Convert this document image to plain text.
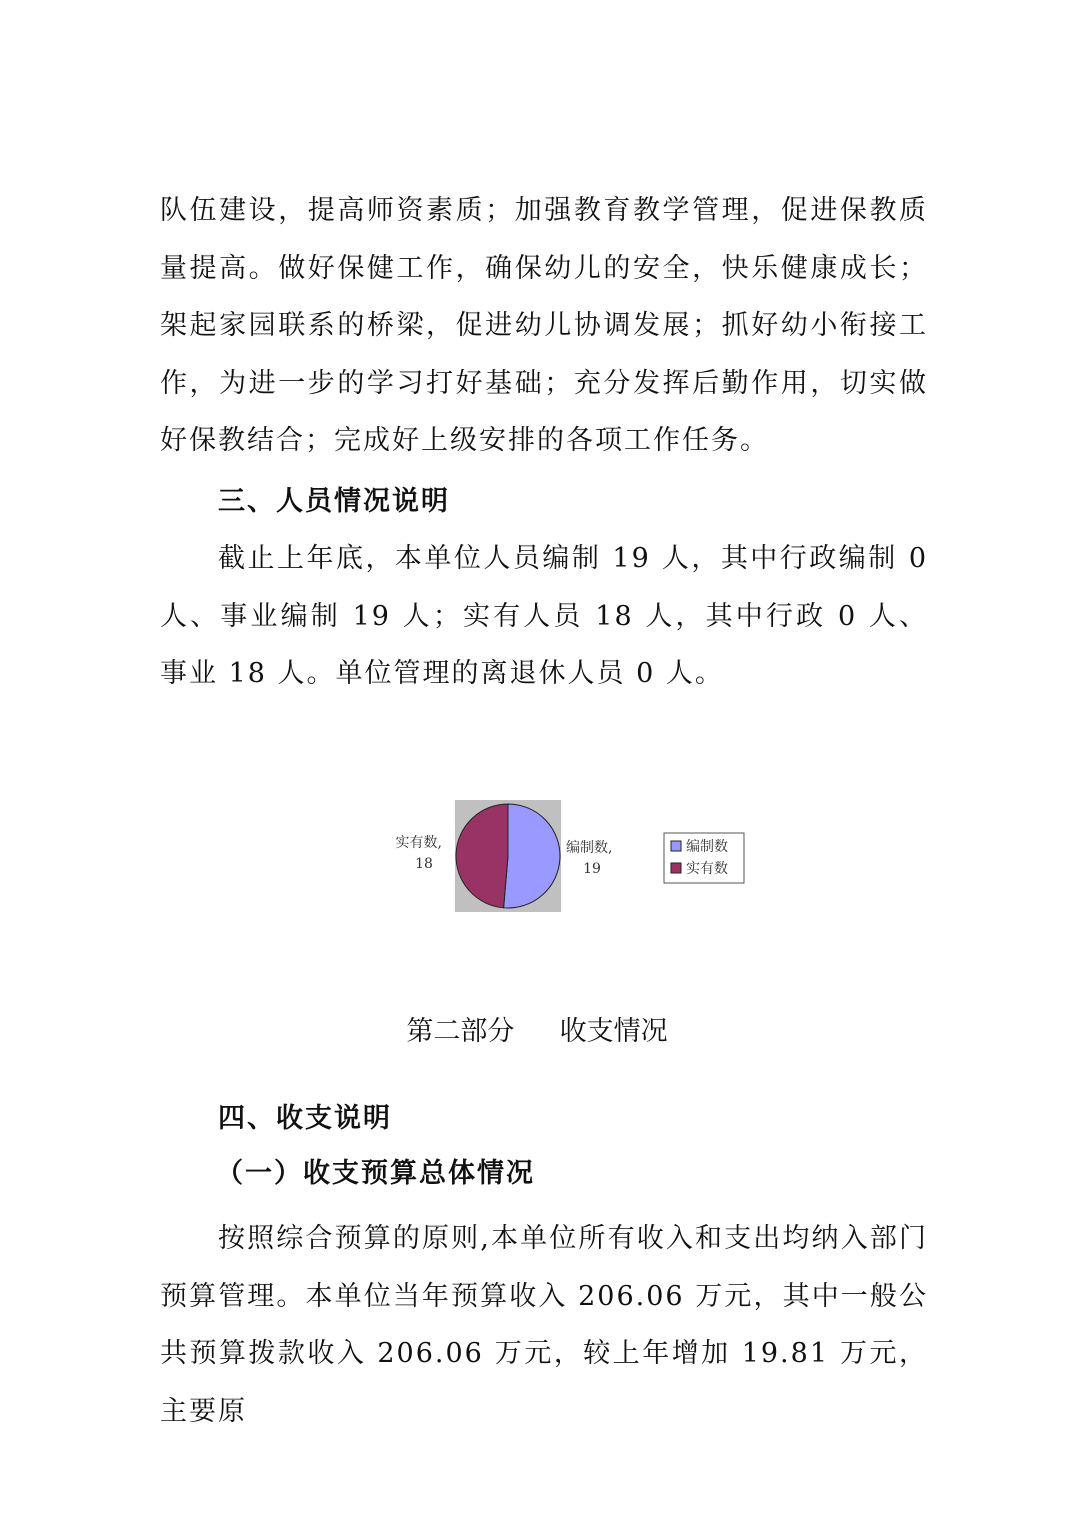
队伍建设，提高师资素质；加强教育教学管理，促进保教质量提高。做好保健工作，确保幼儿的安全，快乐健康成长；架起家园联系的桥梁，促进幼儿协调发展；抓好幼小衔接工作，为进一步的学习打好基础；充分发挥后勤作用，切实做好保教结合；完成好上级安排的各项工作任务。

三、人员情况说明

截止上年底，本单位人员编制 19 人，其中行政编制 0 人、事业编制 19 人；实有人员 18 人，其中行政 0 人、事业 18 人。单位管理的离退休人员 0 人。

编制数,
19
实有数,
18
编制数
实有数

第二部分 收支情况

四、收支说明

（一）收支预算总体情况

按照综合预算的原则,本单位所有收入和支出均纳入部门预算管理。本单位当年预算收入 206.06 万元，其中一般公共预算拨款收入 206.06 万元，较上年增加 19.81 万元，主要原
